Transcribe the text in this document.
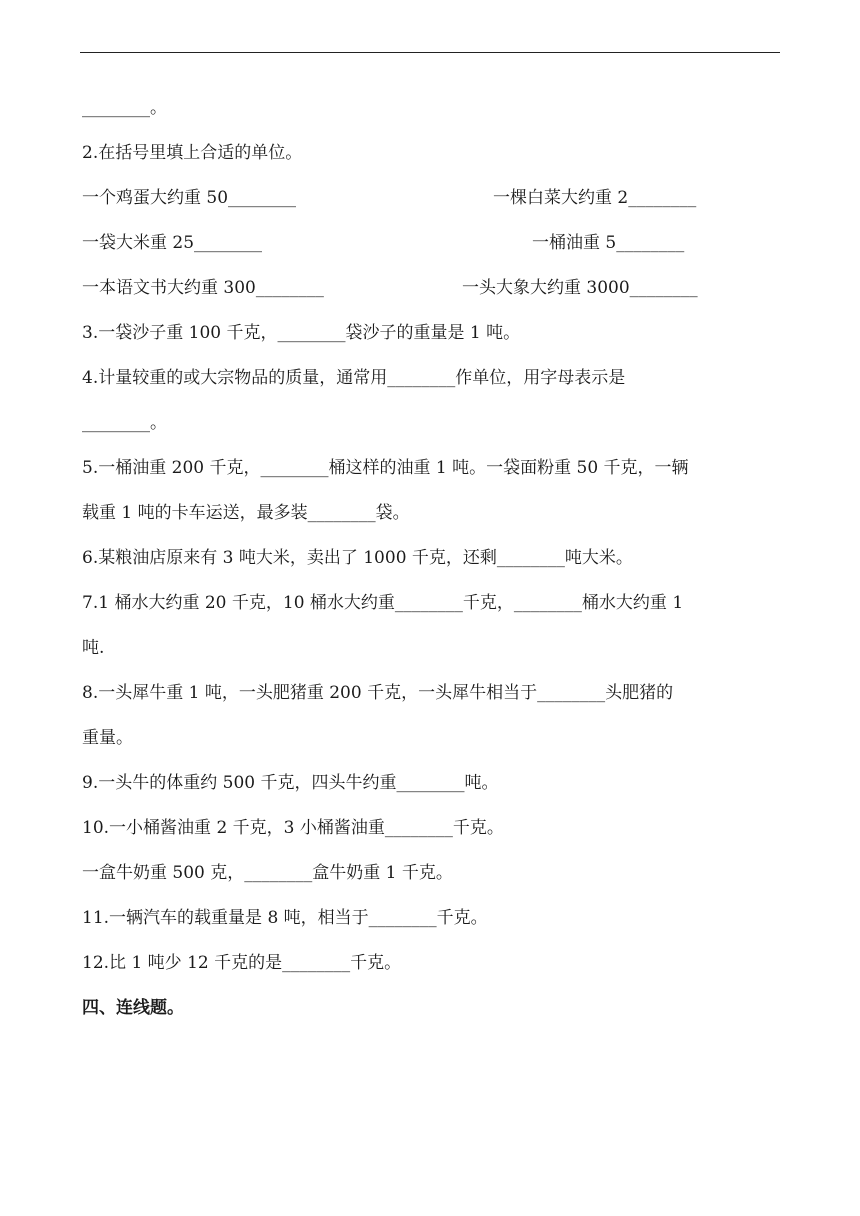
________。
2.在括号里填上合适的单位。
一个鸡蛋大约重 50________	一棵白菜大约重 2________
一袋大米重 25________	一桶油重 5________
一本语文书大约重 300________	一头大象大约重 3000________
3.一袋沙子重 100 千克，________袋沙子的重量是 1 吨。
4.计量较重的或大宗物品的质量，通常用________作单位，用字母表示是
________。
5.一桶油重 200 千克，________桶这样的油重 1 吨。一袋面粉重 50 千克，一辆
载重 1 吨的卡车运送，最多装________袋。
6.某粮油店原来有 3 吨大米，卖出了 1000 千克，还剩________吨大米。
7.1 桶水大约重 20 千克，10 桶水大约重________千克，________桶水大约重 1
吨.
8.一头犀牛重 1 吨，一头肥猪重 200 千克，一头犀牛相当于________头肥猪的
重量。
9.一头牛的体重约 500 千克，四头牛约重________吨。
10.一小桶酱油重 2 千克，3 小桶酱油重________千克。
一盒牛奶重 500 克，________盒牛奶重 1 千克。
11.一辆汽车的载重量是 8 吨，相当于________千克。
12.比 1 吨少 12 千克的是________千克。
四、连线题。
